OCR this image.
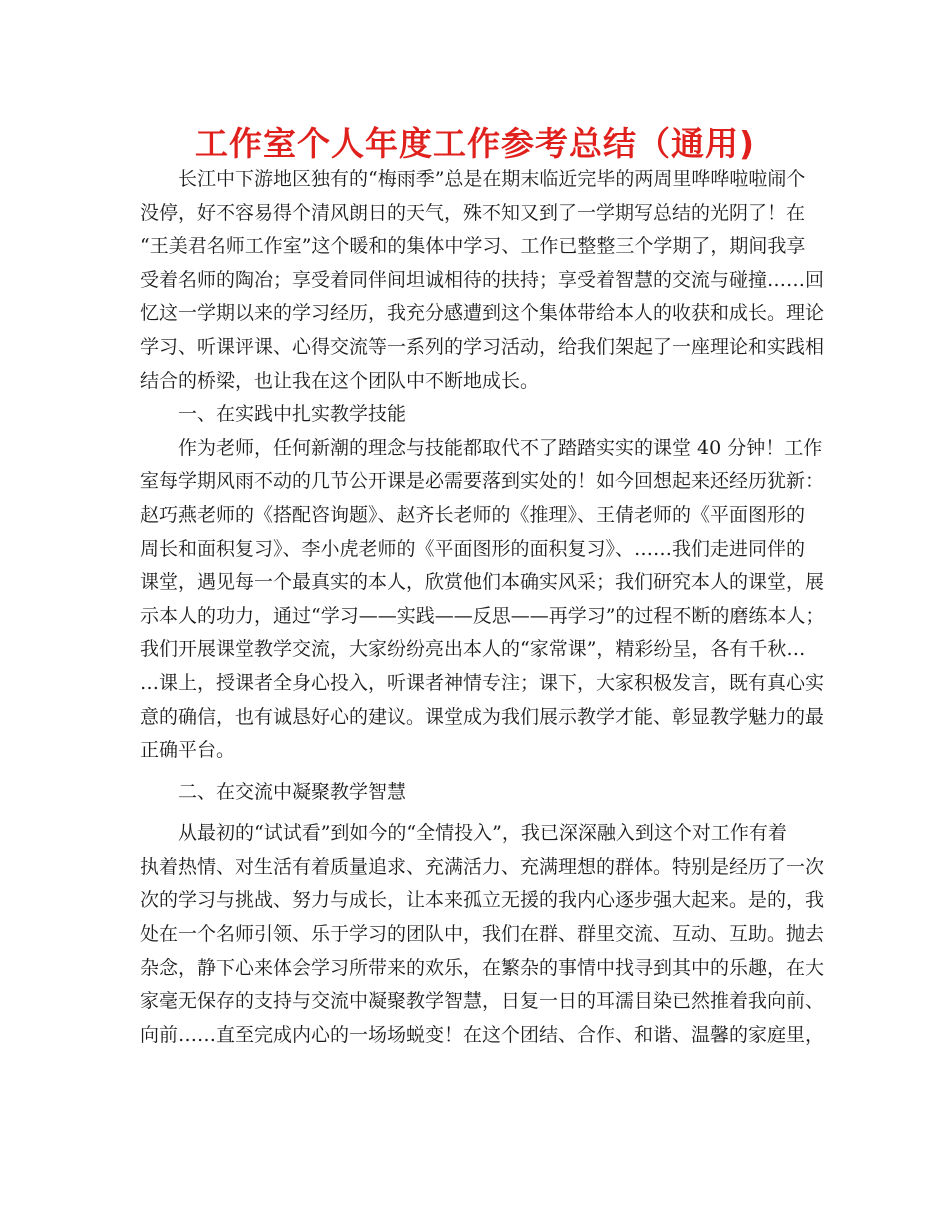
工作室个人年度工作参考总结（通用)
长江中下游地区独有的“梅雨季”总是在期末临近完毕的两周里哗哗啦啦闹个
没停，好不容易得个清风朗日的天气，殊不知又到了一学期写总结的光阴了！在
“王美君名师工作室”这个暖和的集体中学习、工作已整整三个学期了，期间我享
受着名师的陶冶；享受着同伴间坦诚相待的扶持；享受着智慧的交流与碰撞……回
忆这一学期以来的学习经历，我充分感遭到这个集体带给本人的收获和成长。理论
学习、听课评课、心得交流等一系列的学习活动，给我们架起了一座理论和实践相
结合的桥梁，也让我在这个团队中不断地成长。
一、在实践中扎实教学技能
作为老师，任何新潮的理念与技能都取代不了踏踏实实的课堂 40 分钟！工作
室每学期风雨不动的几节公开课是必需要落到实处的！如今回想起来还经历犹新：
赵巧燕老师的《搭配咨询题》、赵齐长老师的《推理》、王倩老师的《平面图形的
周长和面积复习》、李小虎老师的《平面图形的面积复习》、……我们走进同伴的
课堂，遇见每一个最真实的本人，欣赏他们本确实风采；我们研究本人的课堂，展
示本人的功力，通过“学习——实践——反思——再学习”的过程不断的磨练本人；
我们开展课堂教学交流，大家纷纷亮出本人的“家常课”，精彩纷呈，各有千秋…
…课上，授课者全身心投入，听课者神情专注；课下，大家积极发言，既有真心实
意的确信，也有诚恳好心的建议。课堂成为我们展示教学才能、彰显教学魅力的最
正确平台。
二、在交流中凝聚教学智慧
从最初的“试试看”到如今的“全情投入”，我已深深融入到这个对工作有着
执着热情、对生活有着质量追求、充满活力、充满理想的群体。特别是经历了一次
次的学习与挑战、努力与成长，让本来孤立无援的我内心逐步强大起来。是的，我
处在一个名师引领、乐于学习的团队中，我们在群、群里交流、互动、互助。抛去
杂念，静下心来体会学习所带来的欢乐，在繁杂的事情中找寻到其中的乐趣，在大
家毫无保存的支持与交流中凝聚教学智慧，日复一日的耳濡目染已然推着我向前、
向前……直至完成内心的一场场蜕变！在这个团结、合作、和谐、温馨的家庭里，
